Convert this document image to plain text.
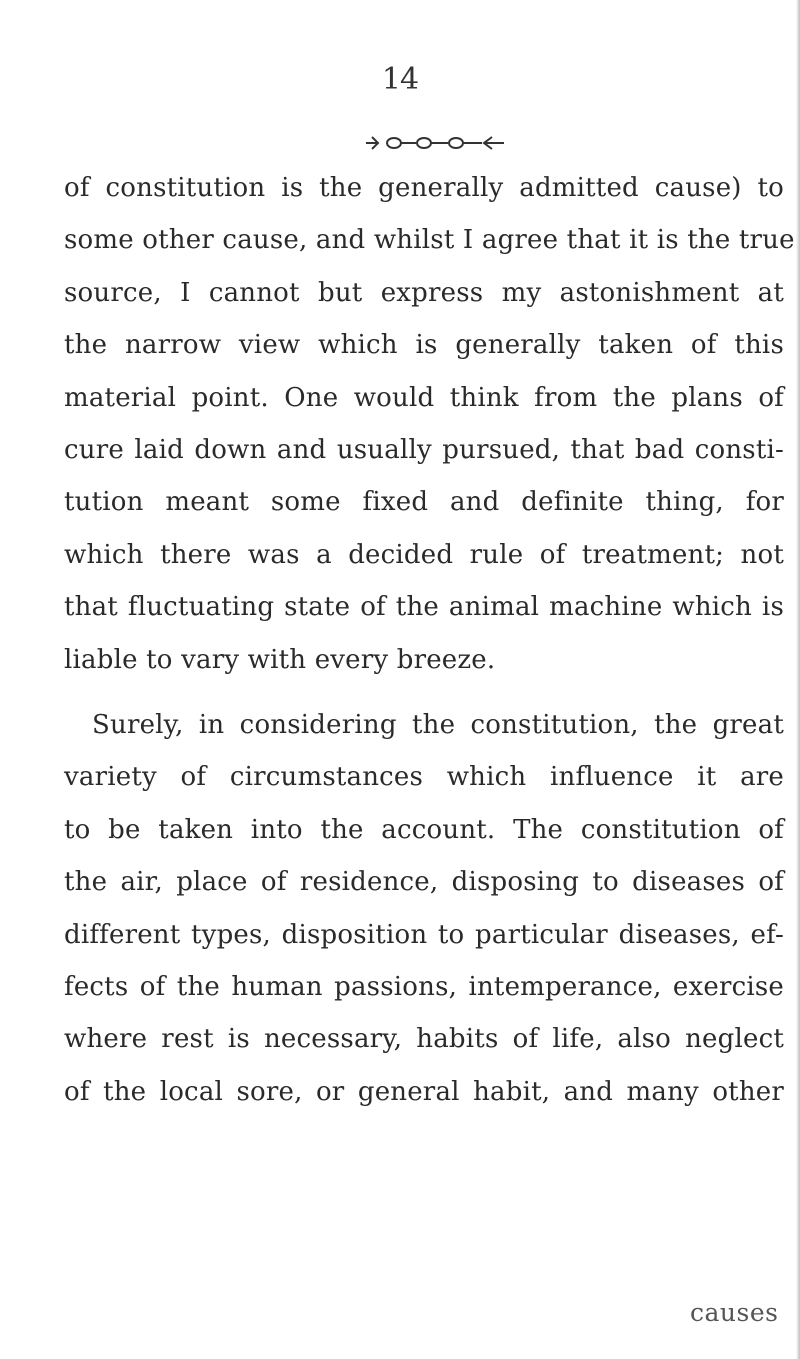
14
of constitution is the generally admitted cause) to
some other cause, and whilst I agree that it is the true
source, I cannot but express my astonishment at
the narrow view which is generally taken of this
material point. One would think from the plans of
cure laid down and usually pursued, that bad consti-
tution meant some fixed and definite thing, for
which there was a decided rule of treatment; not
that fluctuating state of the animal machine which is
liable to vary with every breeze.
Surely, in considering the constitution, the great
variety of circumstances which influence it are
to be taken into the account. The constitution of
the air, place of residence, disposing to diseases of
different types, disposition to particular diseases, ef-
fects of the human passions, intemperance, exercise
where rest is necessary, habits of life, also neglect
of the local sore, or general habit, and many other
causes
